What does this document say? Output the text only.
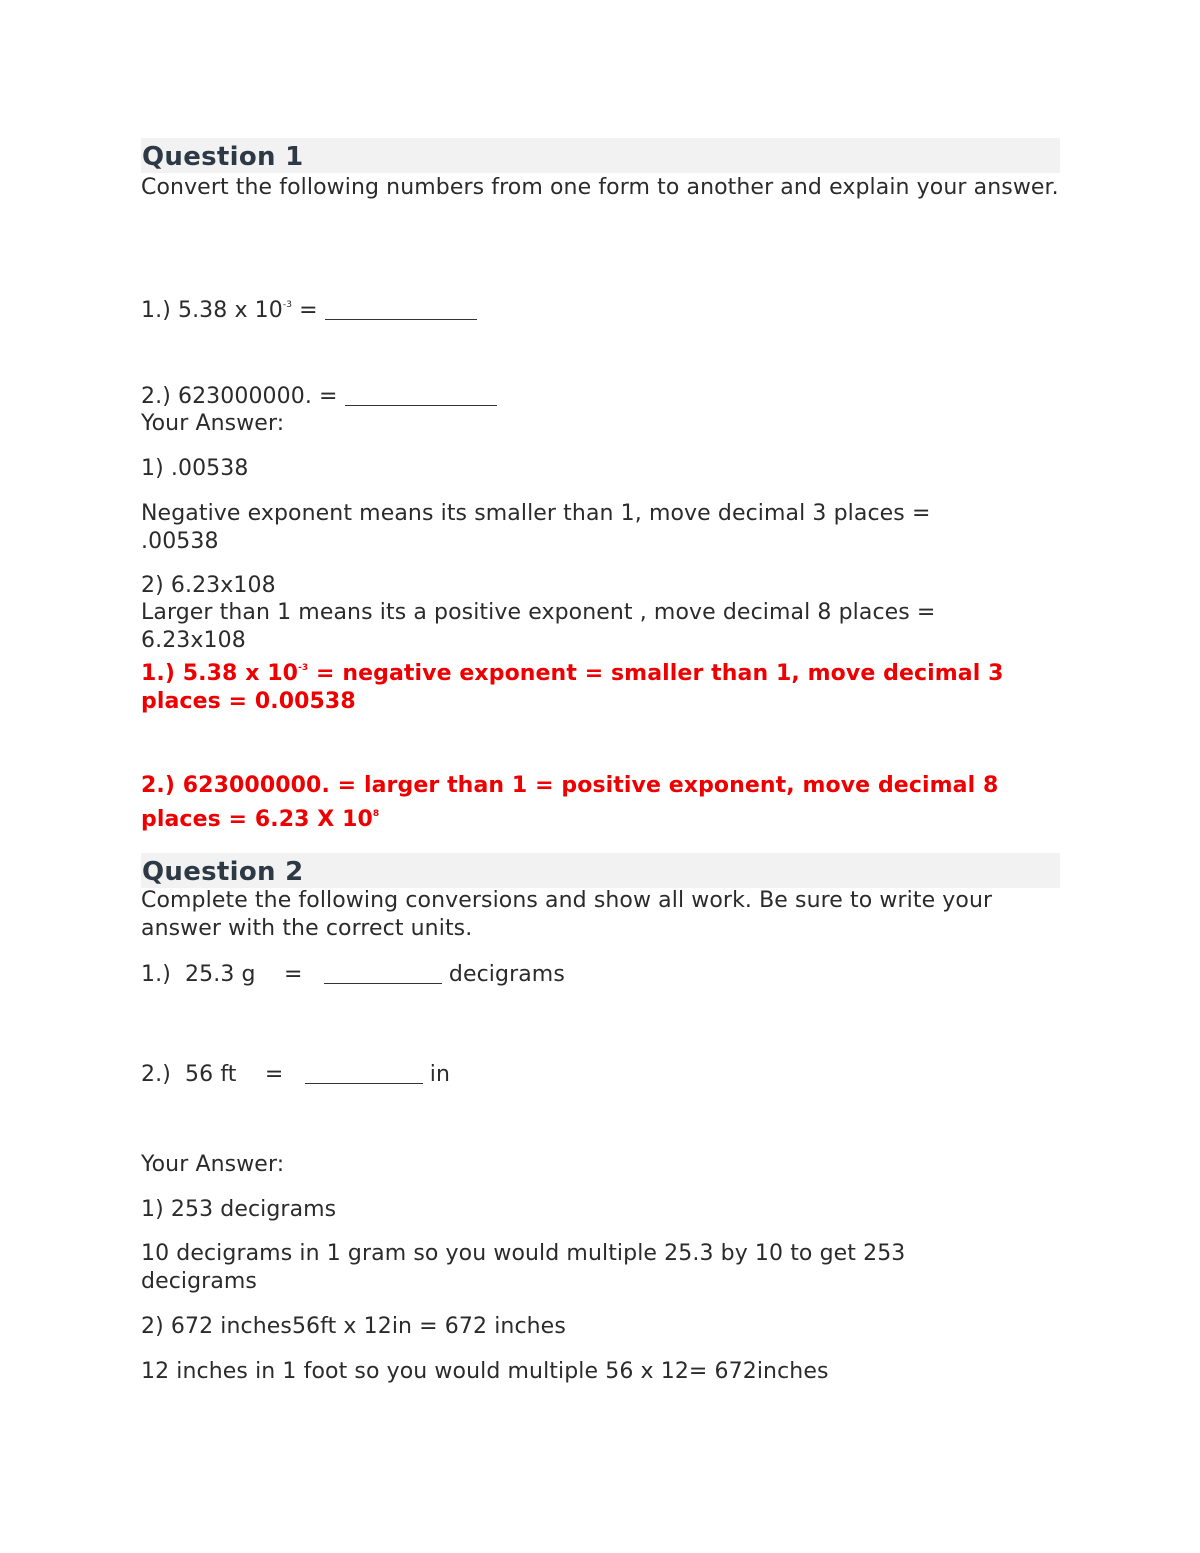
Question 1
Convert the following numbers from one form to another and explain your answer.
1.) 5.38 x $10^{-3}$ =
2.) 623000000. =
Your Answer:
1) .00538
Negative exponent means its smaller than 1, move decimal 3 places = .00538
2) 6.23x108
Larger than 1 means its a positive exponent , move decimal 8 places = 6.23x108
1.) 5.38 x $10^{-3}$ = negative exponent = smaller than 1, move decimal 3 places = 0.00538
2.) 623000000. = larger than 1 = positive exponent, move decimal 8 places = 6.23 X $10^8$
Question 2
Complete the following conversions and show all work. Be sure to write your answer with the correct units.
1.)  25.3 g    =	decigrams
2.)  56 ft    =	in
Your Answer:
1) 253 decigrams
10 decigrams in 1 gram so you would multiple 25.3 by 10 to get 253 decigrams
2) 672 inches56ft x 12in = 672 inches
12 inches in 1 foot so you would multiple 56 x 12= 672inches
